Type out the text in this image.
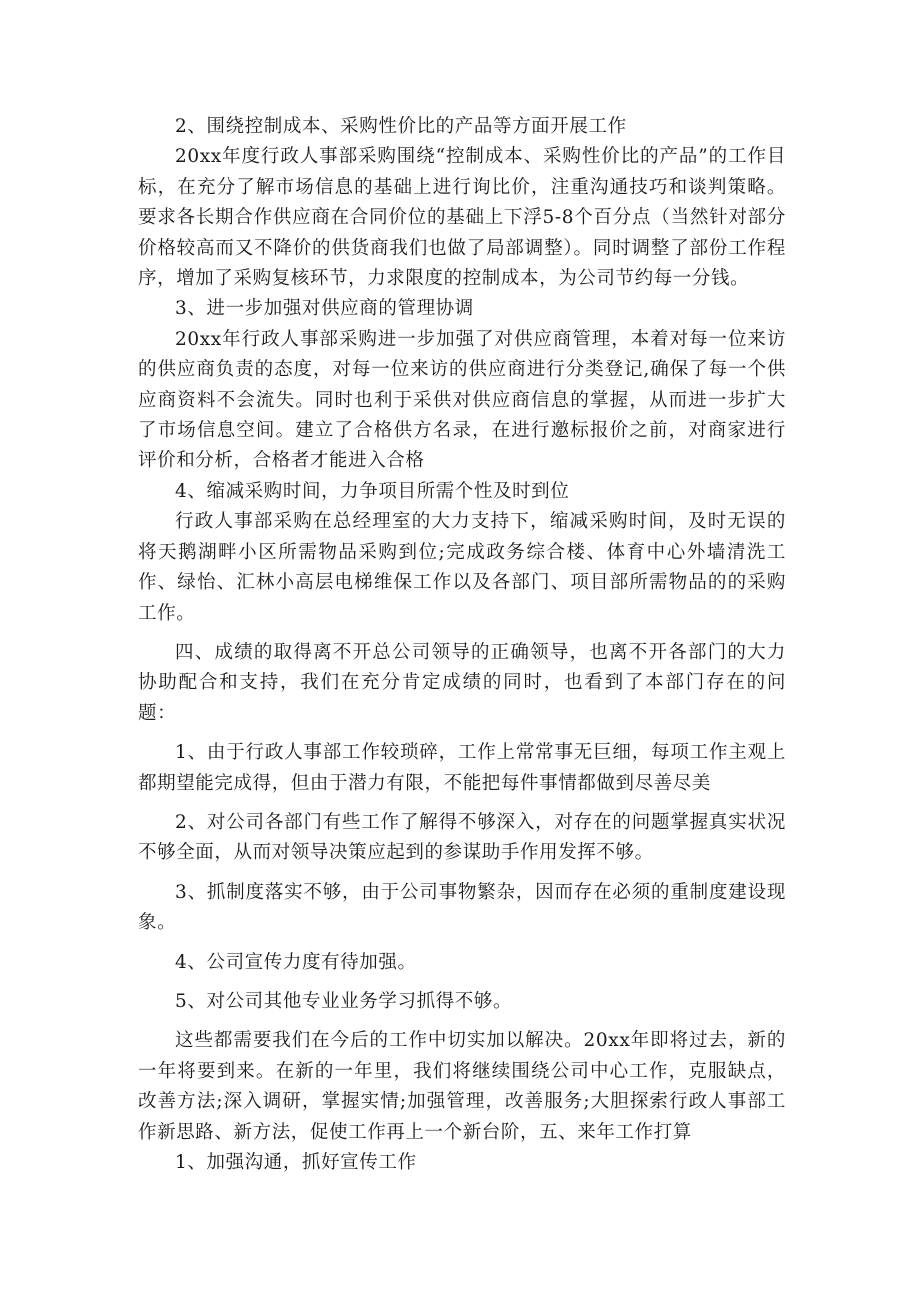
2、围绕控制成本、采购性价比的产品等方面开展工作

20xx年度行政人事部采购围绕“控制成本、采购性价比的产品”的工作目标，在充分了解市场信息的基础上进行询比价，注重沟通技巧和谈判策略。要求各长期合作供应商在合同价位的基础上下浮5-8个百分点（当然针对部分价格较高而又不降价的供货商我们也做了局部调整）。同时调整了部份工作程序，增加了采购复核环节，力求限度的控制成本，为公司节约每一分钱。

3、进一步加强对供应商的管理协调

20xx年行政人事部采购进一步加强了对供应商管理，本着对每一位来访的供应商负责的态度，对每一位来访的供应商进行分类登记,确保了每一个供应商资料不会流失。同时也利于采供对供应商信息的掌握，从而进一步扩大了市场信息空间。建立了合格供方名录，在进行邀标报价之前，对商家进行评价和分析，合格者才能进入合格

4、缩减采购时间，力争项目所需个性及时到位

行政人事部采购在总经理室的大力支持下，缩减采购时间，及时无误的将天鹅湖畔小区所需物品采购到位;完成政务综合楼、体育中心外墙清洗工作、绿怡、汇林小高层电梯维保工作以及各部门、项目部所需物品的的采购工作。

四、成绩的取得离不开总公司领导的正确领导，也离不开各部门的大力协助配合和支持，我们在充分肯定成绩的同时，也看到了本部门存在的问题：

1、由于行政人事部工作较琐碎，工作上常常事无巨细，每项工作主观上都期望能完成得，但由于潜力有限，不能把每件事情都做到尽善尽美

2、对公司各部门有些工作了解得不够深入，对存在的问题掌握真实状况不够全面，从而对领导决策应起到的参谋助手作用发挥不够。

3、抓制度落实不够，由于公司事物繁杂，因而存在必须的重制度建设现象。

4、公司宣传力度有待加强。

5、对公司其他专业业务学习抓得不够。

这些都需要我们在今后的工作中切实加以解决。20xx年即将过去，新的一年将要到来。在新的一年里，我们将继续围绕公司中心工作，克服缺点，改善方法;深入调研，掌握实情;加强管理，改善服务;大胆探索行政人事部工作新思路、新方法，促使工作再上一个新台阶，五、来年工作打算

1、加强沟通，抓好宣传工作
